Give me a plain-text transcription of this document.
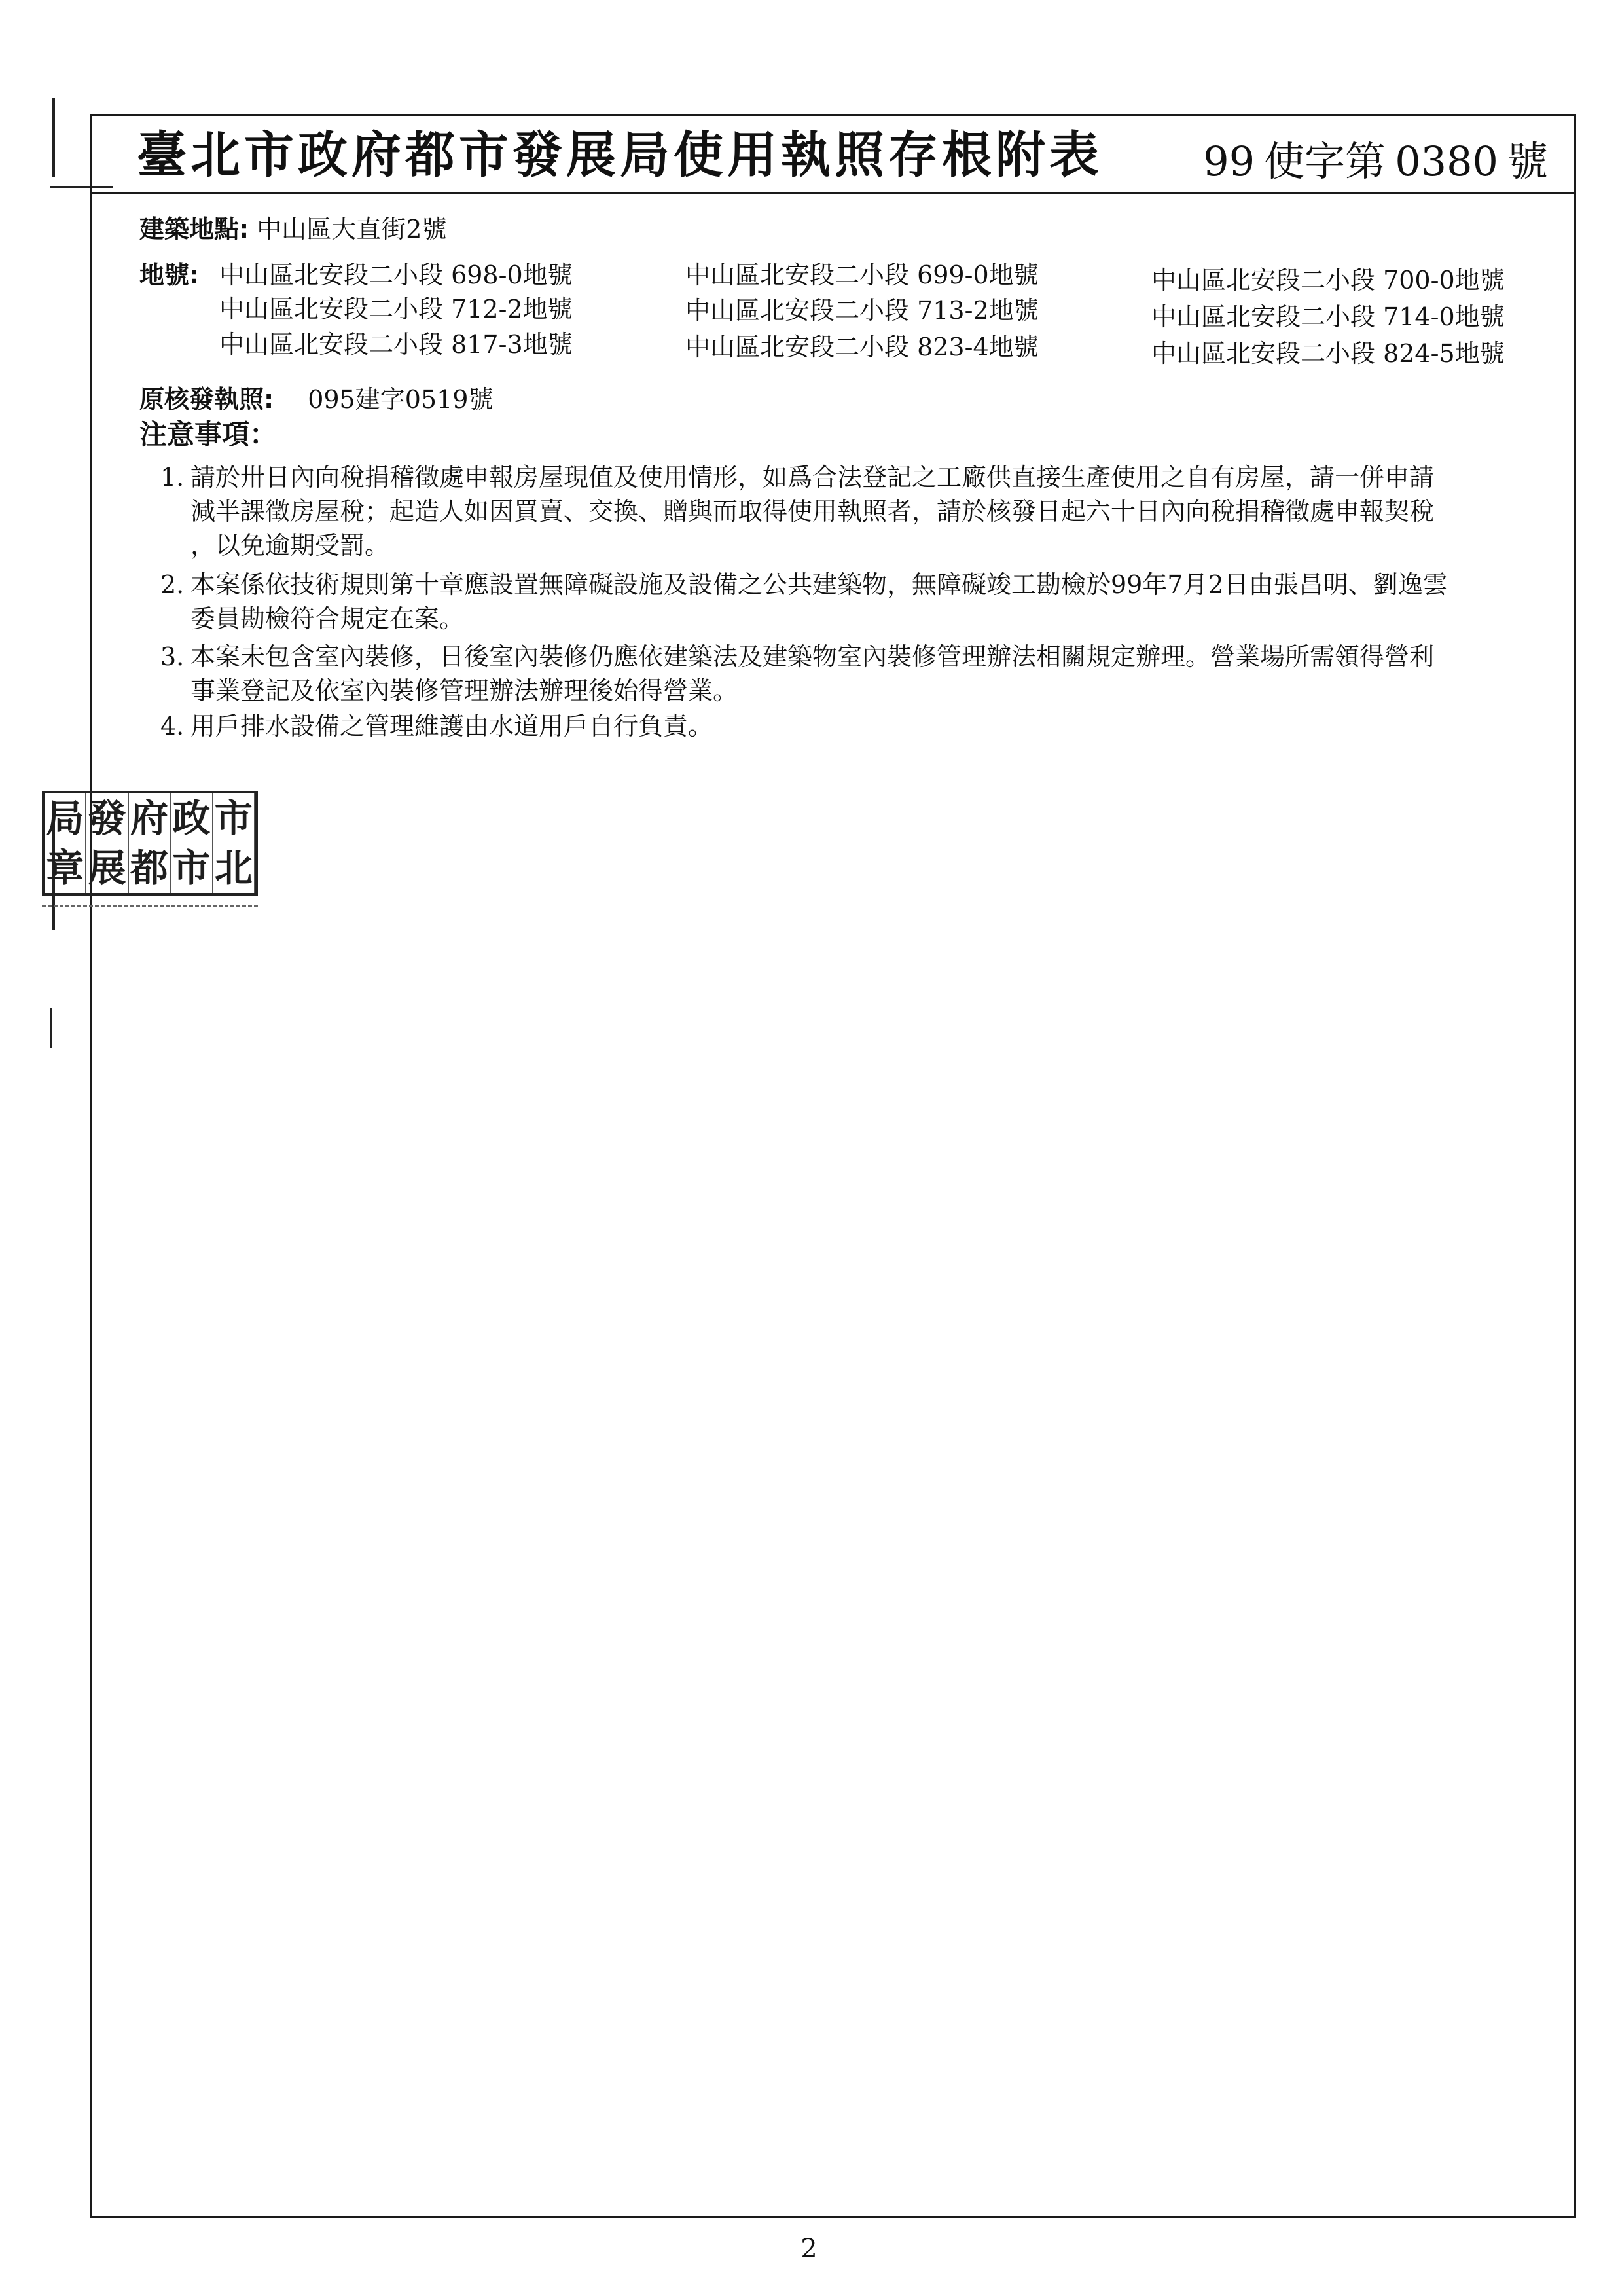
臺北市政府都市發展局使用執照存根附表 99 使字第 0380 號
建築地點: 中山區大直街2號
地號: 中山區北安段二小段 698-0地號	中山區北安段二小段 699-0地號	中山區北安段二小段 700-0地號
中山區北安段二小段 712-2地號	中山區北安段二小段 713-2地號	中山區北安段二小段 714-0地號
中山區北安段二小段 817-3地號	中山區北安段二小段 823-4地號	中山區北安段二小段 824-5地號
原核發執照: 095建字0519號
注意事項：
1. 請於卅日內向稅捐稽徵處申報房屋現值及使用情形，如爲合法登記之工廠供直接生產使用之自有房屋，請一併申請
減半課徵房屋稅；起造人如因買賣、交換、贈與而取得使用執照者，請於核發日起六十日內向稅捐稽徵處申報契稅
，以免逾期受罰。
2. 本案係依技術規則第十章應設置無障礙設施及設備之公共建築物，無障礙竣工勘檢於99年7月2日由張昌明、劉逸雲
委員勘檢符合規定在案。
3. 本案未包含室內裝修，日後室內裝修仍應依建築法及建築物室內裝修管理辦法相關規定辦理。營業場所需領得營利
事業登記及依室內裝修管理辦法辦理後始得營業。
4. 用戶排水設備之管理維護由水道用戶自行負責。
局 發 府 政 市
章 展 都 市 北
2
